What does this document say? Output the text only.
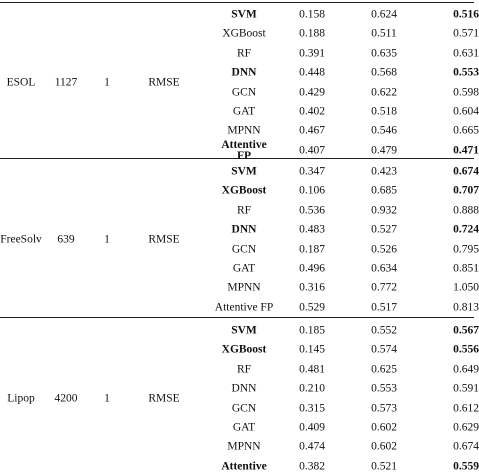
ESOL 1127 1	RMSE
SVM	0.158	0.624	0.516
XGBoost	0.188	0.511	0.571
RF	0.391	0.635	0.631
DNN	0.448	0.568	0.553
GCN	0.429	0.622	0.598
GAT	0.402	0.518	0.604
MPNN	0.467	0.546	0.665
Attentive
FP	0.407	0.479	0.471
FreeSolv 639	1	RMSE
SVM	0.347	0.423	0.674
XGBoost	0.106	0.685	0.707
RF	0.536	0.932	0.888
DNN	0.483	0.527	0.724
GCN	0.187	0.526	0.795
GAT	0.496	0.634	0.851
MPNN	0.316	0.772	1.050
Attentive FP 0.529	0.517	0.813
Lipop 4200 1	RMSE
SVM	0.185	0.552	0.567
XGBoost	0.145	0.574	0.556
RF	0.481	0.625	0.649
DNN	0.210	0.553	0.591
GCN	0.315	0.573	0.612
GAT	0.409	0.602	0.629
MPNN	0.474	0.602	0.674
Attentive	0.382	0.521	0.559
